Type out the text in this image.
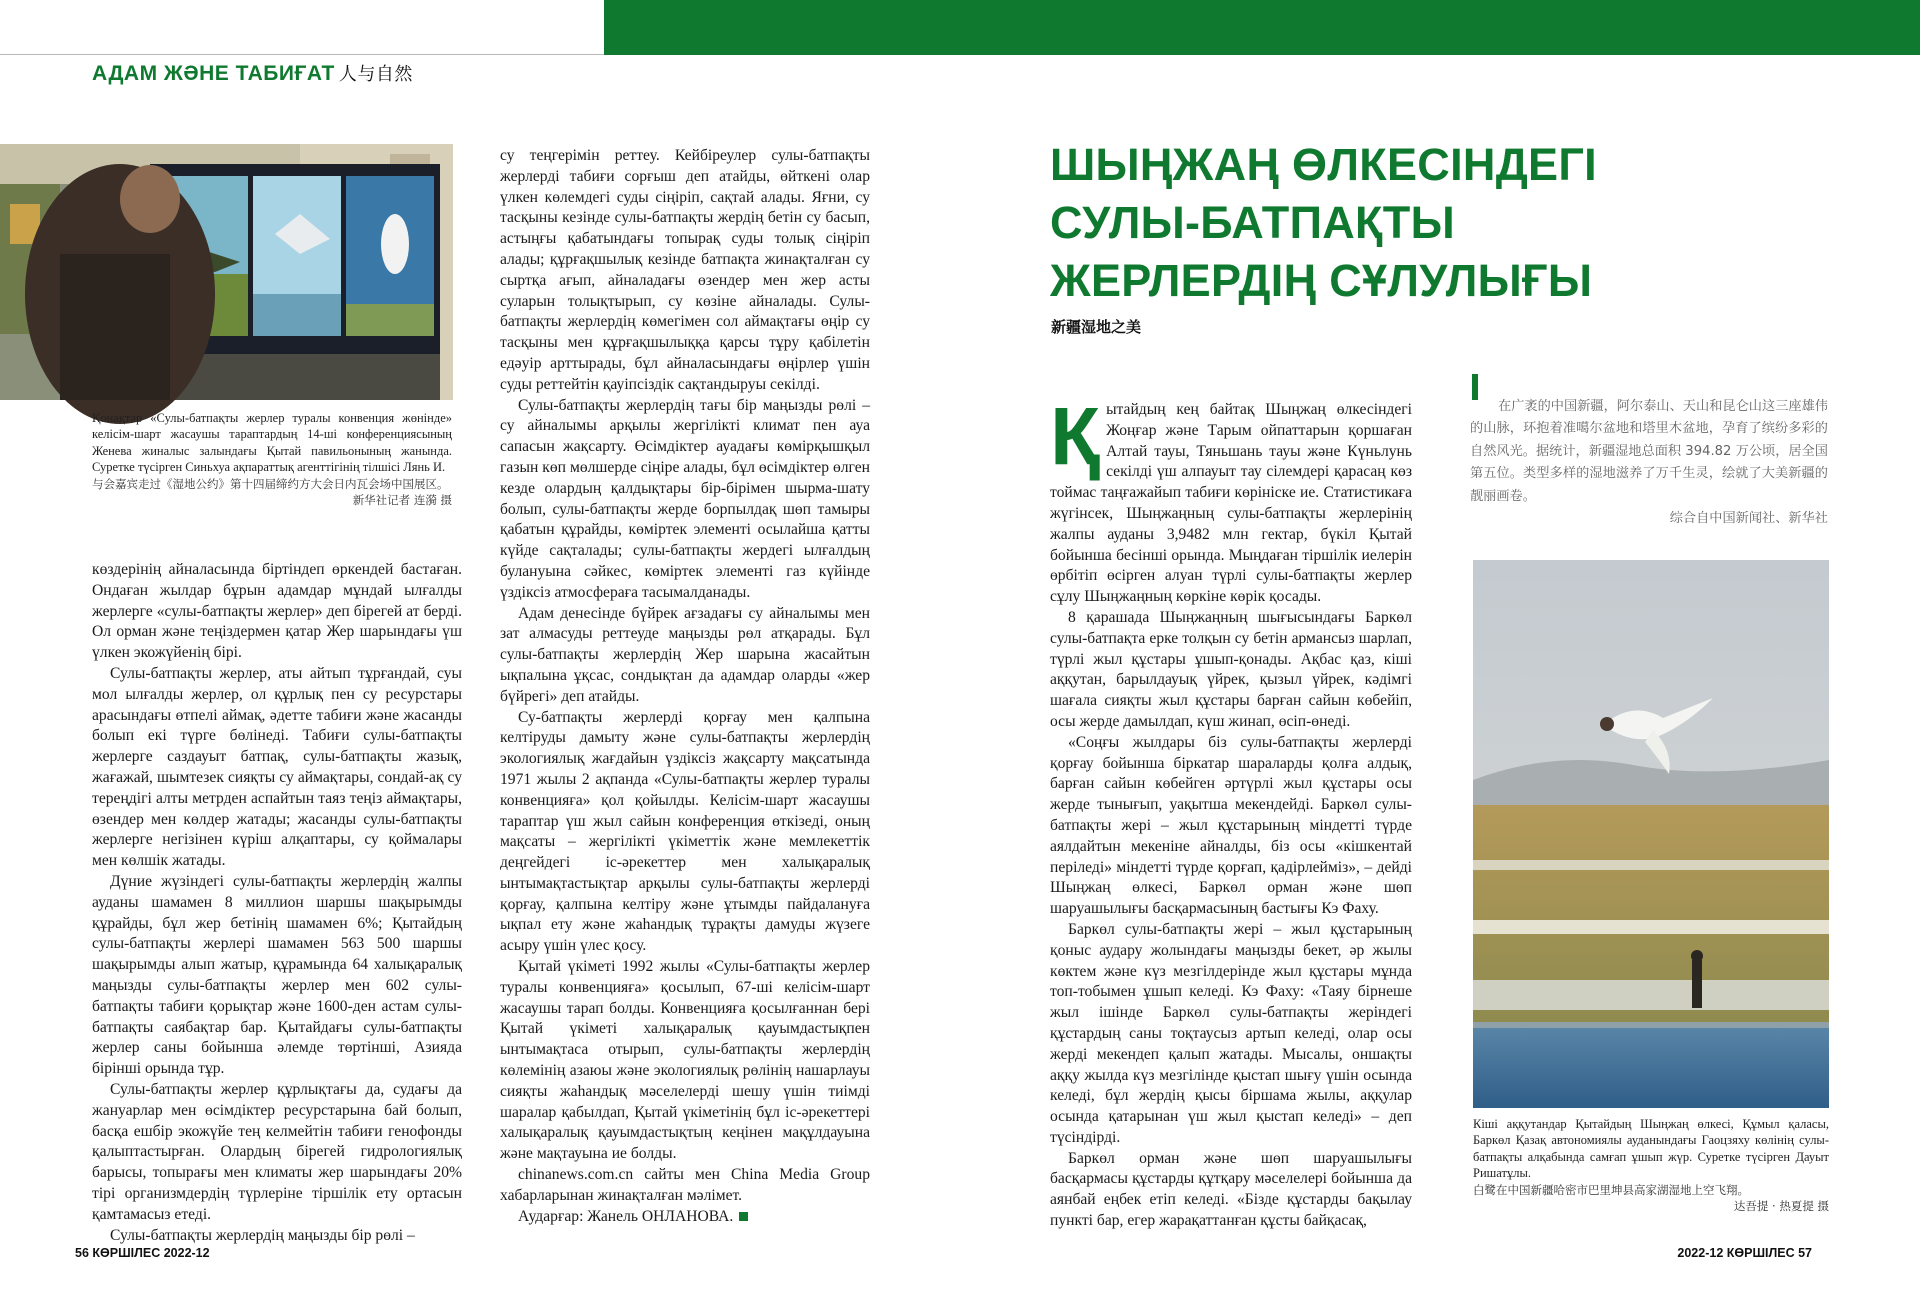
АДАМ ЖӘНЕ ТАБИҒАТ 人与自然
Қонақтар «Сулы-батпақты жерлер туралы конвенция жөнінде» келісім-шарт жасаушы тараптардың 14-ші конференциясының Женева жиналыс залындағы Қытай павильонының жанында. Суретке түсірген Синьхуа ақпараттық агенттігінің тілшісі Лянь И.
与会嘉宾走过《湿地公约》第十四届缔约方大会日内瓦会场中国展区。
新华社记者 连漪 摄

көздерінің айналасында біртіндеп өркендей бастаған. Ондаған жылдар бұрын адамдар мұндай ылғалды жерлерге «сулы-батпақты жерлер» деп бірегей ат берді. Ол орман және теңіздермен қатар Жер шарындағы үш үлкен экожүйенің бірі.

Сулы-батпақты жерлер, аты айтып тұрғандай, суы мол ылғалды жерлер, ол құрлық пен су ресурстары арасындағы өтпелі аймақ, әдетте табиғи және жасанды болып екі түрге бөлінеді. Табиғи сулы-батпақты жерлерге саздауыт батпақ, сулы-батпақты жазық, жағажай, шымтезек сияқты су аймақтары, сондай-ақ су тереңдігі алты метрден аспайтын таяз теңіз аймақтары, өзендер мен көлдер жатады; жасанды сулы-батпақты жерлерге негізінен күріш алқаптары, су қоймалары мен көлшік жатады.

Дүние жүзіндегі сулы-батпақты жерлердің жалпы ауданы шамамен 8 миллион шаршы шақырымды құрайды, бұл жер бетінің шамамен 6%; Қытайдың сулы-батпақты жерлері шамамен 563 500 шаршы шақырымды алып жатыр, құрамында 64 халықаралық маңызды сулы-батпақты жерлер мен 602 сулы-батпақты табиғи қорықтар және 1600-ден астам сулы-батпақты саябақтар бар. Қытайдағы сулы-батпақты жерлер саны бойынша әлемде төртінші, Азияда бірінші орында тұр.

Сулы-батпақты жерлер құрлықтағы да, судағы да жануарлар мен өсімдіктер ресурстарына бай болып, басқа ешбір экожүйе тең келмейтін табиғи генофонды қалыптастырған. Олардың бірегей гидрологиялық барысы, топырағы мен климаты жер шарындағы 20% тірі организмдердің түрлеріне тіршілік ету ортасын қамтамасыз етеді.

Сулы-батпақты жерлердің маңызды бір рөлі –

су теңгерімін реттеу. Кейбіреулер сулы-батпақты жерлерді табиғи сорғыш деп атайды, өйткені олар үлкен көлемдегі суды сіңіріп, сақтай алады. Яғни, су тасқыны кезінде сулы-батпақты жердің бетін су басып, астыңғы қабатындағы топырақ суды толық сіңіріп алады; құрғақшылық кезінде батпақта жинақталған су сыртқа ағып, айналадағы өзендер мен жер асты суларын толықтырып, су көзіне айналады. Сулы-батпақты жерлердің көмегімен сол аймақтағы өңір су тасқыны мен құрғақшылыққа қарсы тұру қабілетін едәуір арттырады, бұл айналасындағы өңірлер үшін суды реттейтін қауіпсіздік сақтандыруы секілді.

Сулы-батпақты жерлердің тағы бір маңызды рөлі – су айналымы арқылы жергілікті климат пен ауа сапасын жақсарту. Өсімдіктер ауадағы көмірқышқыл газын көп мөлшерде сіңіре алады, бұл өсімдіктер өлген кезде олардың қалдықтары бір-бірімен шырма-шату болып, сулы-батпақты жерде борпылдақ шөп тамыры қабатын құрайды, көміртек элементі осылайша қатты күйде сақталады; сулы-батпақты жердегі ылғалдың булануына сәйкес, көміртек элементі газ күйінде үздіксіз атмосфераға тасымалданады.

Адам денесінде бүйрек ағзадағы су айналымы мен зат алмасуды реттеуде маңызды рөл атқарады. Бұл сулы-батпақты жерлердің Жер шарына жасайтын ықпалына ұқсас, сондықтан да адамдар оларды «жер бүйрегі» деп атайды.

Су-батпақты жерлерді қорғау мен қалпына келтіруды дамыту және сулы-батпақты жерлердің экологиялық жағдайын үздіксіз жақсарту мақсатында 1971 жылы 2 ақпанда «Сулы-батпақты жерлер туралы конвенцияға» қол қойылды. Келісім-шарт жасаушы тараптар үш жыл сайын конференция өткізеді, оның мақсаты – жергілікті үкіметтік және мемлекеттік деңгейдегі іс-әрекеттер мен халықаралық ынтымақтастықтар арқылы сулы-батпақты жерлерді қорғау, қалпына келтіру және ұтымды пайдалануға ықпал ету және жаһандық тұрақты дамуды жүзеге асыру үшін үлес қосу.

Қытай үкіметі 1992 жылы «Сулы-батпақты жерлер туралы конвенцияға» қосылып, 67-ші келісім-шарт жасаушы тарап болды. Конвенцияға қосылғаннан бері Қытай үкіметі халықаралық қауымдастықпен ынтымақтаса отырып, сулы-батпақты жерлердің көлемінің азаюы және экологиялық рөлінің нашарлауы сияқты жаһандық мәселелерді шешу үшін тиімді шаралар қабылдап, Қытай үкіметінің бұл іс-әрекеттері халықаралық қауымдастықтың кеңінен мақұлдауына және мақтауына ие болды.

chinanews.com.cn сайты мен China Media Group хабарларынан жинақталған мәлімет.

Аударғар: Жанель ОНЛАНОВА.

ШЫҢЖАҢ ӨЛКЕСІНДЕГІ СУЛЫ-БАТПАҚТЫ ЖЕРЛЕРДІҢ СҰЛУЛЫҒЫ
新疆湿地之美

Қытайдың кең байтақ Шыңжаң өлкесіндегі Жоңғар және Тарым ойпаттарын қоршаған Алтай тауы, Тяньшань тауы және Күньлунь секілді үш алпауыт тау сілемдері қарасаң көз тоймас таңғажайып табиғи көрініске ие. Статистикаға жүгінсек, Шыңжаңның сулы-батпақты жерлерінің жалпы ауданы 3,9482 млн гектар, бүкіл Қытай бойынша бесінші орында. Мыңдаған тіршілік иелерін өрбітіп өсірген алуан түрлі сулы-батпақты жерлер сұлу Шыңжаңның көркіне көрік қосады.

8 қарашада Шыңжаңның шығысындағы Баркөл сулы-батпақта ерке толқын су бетін армансыз шарлап, түрлі жыл құстары ұшып-қонады. Ақбас қаз, кіші аққутан, барылдауық үйрек, қызыл үйрек, кәдімгі шағала сияқты жыл құстары барған сайын көбейіп, осы жерде дамылдап, күш жинап, өсіп-өнеді.

«Соңғы жылдары біз сулы-батпақты жерлерді қорғау бойынша біркатар шараларды қолға алдық, барған сайын көбейген әртүрлі жыл құстары осы жерде тынығып, уақытша мекендейді. Баркөл сулы-батпақты жері – жыл құстарының міндетті түрде аялдайтын мекеніне айналды, біз осы «кішкентай періледі» міндетті түрде қорғап, қадірлейміз», – дейді Шыңжаң өлкесі, Баркөл орман және шөп шаруашылығы басқармасының бастығы Кэ Фаху.

Баркөл сулы-батпақты жері – жыл құстарының қоныс аудару жолындағы маңызды бекет, әр жылы көктем және күз мезгілдерінде жыл құстары мұнда топ-тобымен ұшып келеді. Кэ Фаху: «Таяу бірнеше жыл ішінде Баркөл сулы-батпақты жеріндегі құстардың саны тоқтаусыз артып келеді, олар осы жерді мекендеп қалып жатады. Мысалы, оншақты аққу жылда күз мезгілінде қыстап шығу үшін осында келеді, бұл жердің қысы біршама жылы, аққулар осында қатарынан үш жыл қыстап келеді» – деп түсіндірді.

Баркөл орман және шөп шаруашылығы басқармасы құстарды құтқару мәселелері бойынша да аянбай еңбек етіп келеді. «Бізде құстарды бақылау пункті бар, егер жарақаттанған құсты байқасақ,

在广袤的中国新疆，阿尔泰山、天山和昆仑山这三座雄伟的山脉，环抱着准噶尔盆地和塔里木盆地，孕育了缤纷多彩的自然风光。据统计，新疆湿地总面积 394.82 万公顷，居全国第五位。类型多样的湿地滋养了万千生灵，绘就了大美新疆的靓丽画卷。

综合自中国新闻社、新华社

Кіші аққутандар Қытайдың Шыңжаң өлкесі, Құмыл қаласы, Баркөл Қазақ автономиялы ауданындағы Гаоцзяху көлінің сулы-батпақты алқабында самғап ұшып жүр. Суретке түсірген Дауыт Ришатұлы.
白鹭在中国新疆哈密市巴里坤县高家湖湿地上空飞翔。
达吾提 · 热夏提 摄
56 КӨРШІЛЕС 2022-12	2022-12 КӨРШІЛЕС 57
